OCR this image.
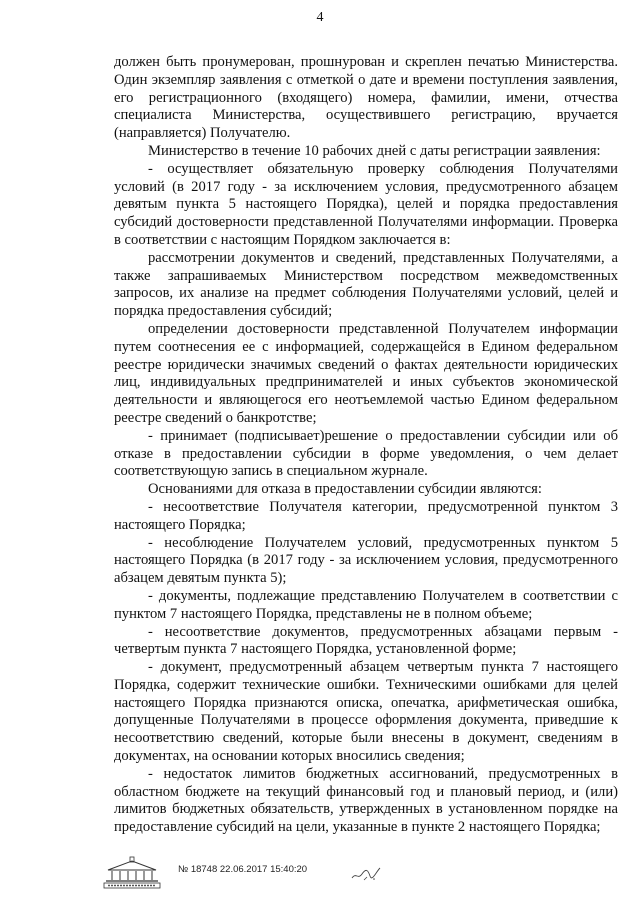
4

должен быть пронумерован, прошнурован и скреплен печатью Министерства. Один экземпляр заявления с отметкой о дате и времени поступления заявления, его регистрационного (входящего) номера, фамилии, имени, отчества специалиста Министерства, осуществившего регистрацию, вручается (направляется) Получателю.

Министерство в течение 10 рабочих дней с даты регистрации заявления:

- осуществляет обязательную проверку соблюдения Получателями условий (в 2017 году - за исключением условия, предусмотренного абзацем девятым пункта 5 настоящего Порядка), целей и порядка предоставления субсидий достоверности представленной Получателями информации. Проверка в соответствии с настоящим Порядком заключается в:

рассмотрении документов и сведений, представленных Получателями, а также запрашиваемых Министерством посредством межведомственных запросов, их анализе на предмет соблюдения Получателями условий, целей и порядка предоставления субсидий;

определении достоверности представленной Получателем информации путем соотнесения ее с информацией, содержащейся в Едином федеральном реестре юридически значимых сведений о фактах деятельности юридических лиц, индивидуальных предпринимателей и иных субъектов экономической деятельности и являющегося его неотъемлемой частью Едином федеральном реестре сведений о банкротстве;

- принимает (подписывает)решение о предоставлении субсидии или об отказе в предоставлении субсидии в форме уведомления, о чем делает соответствующую запись в специальном журнале.

Основаниями для отказа в предоставлении субсидии являются:

- несоответствие Получателя категории, предусмотренной пунктом 3 настоящего Порядка;

- несоблюдение Получателем условий, предусмотренных пунктом 5 настоящего Порядка (в 2017 году - за исключением условия, предусмотренного абзацем девятым пункта 5);

- документы, подлежащие представлению Получателем в соответствии с пунктом 7 настоящего Порядка, представлены не в полном объеме;

- несоответствие документов, предусмотренных абзацами первым - четвертым пункта 7 настоящего Порядка, установленной форме;

- документ, предусмотренный абзацем четвертым пункта 7 настоящего Порядка, содержит технические ошибки. Техническими ошибками для целей настоящего Порядка признаются описка, опечатка, арифметическая ошибка, допущенные Получателями в процессе оформления документа, приведшие к несоответствию сведений, которые были внесены в документ, сведениям в документах, на основании которых вносились сведения;

- недостаток лимитов бюджетных ассигнований, предусмотренных в областном бюджете на текущий финансовый год и плановый период, и (или) лимитов бюджетных обязательств, утвержденных в установленном порядке на предоставление субсидий на цели, указанные в пункте 2 настоящего Порядка;

№ 18748 22.06.2017 15:40:20
